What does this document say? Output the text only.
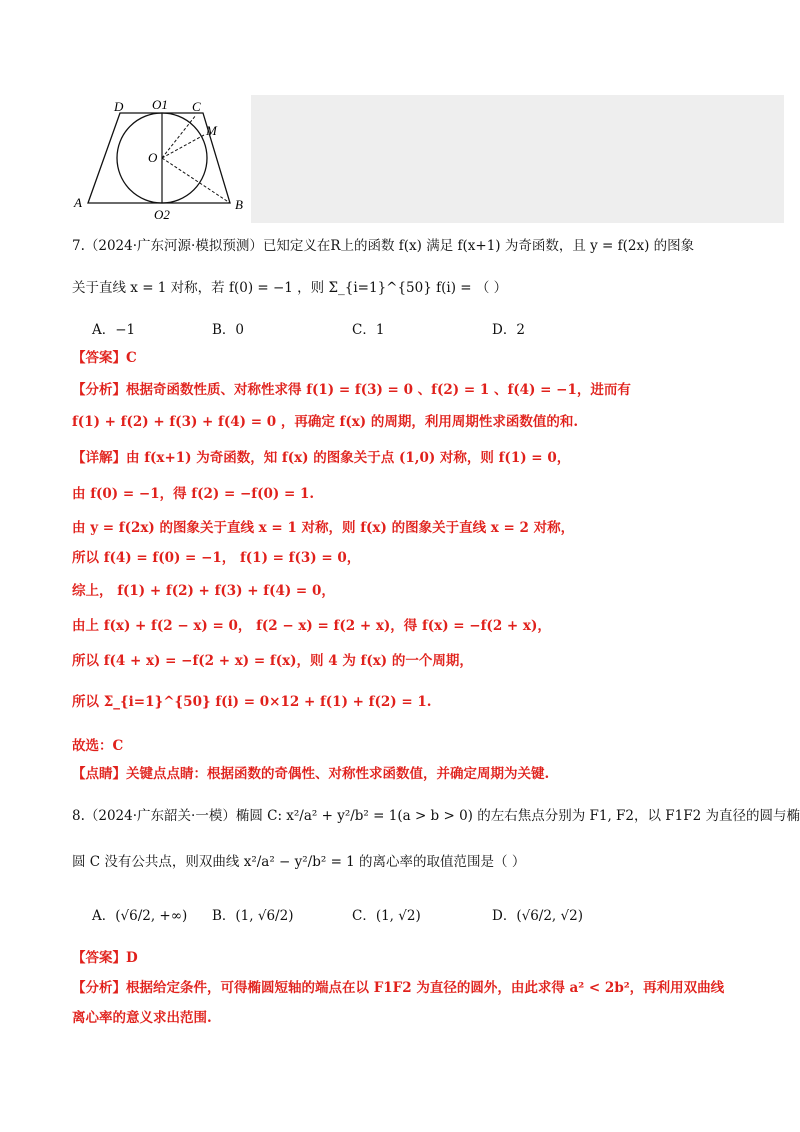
D O1 C
M
O
A
O2
B
7.（2024·广东河源·模拟预测）已知定义在R上的函数 f(x) 满足 f(x+1) 为奇函数，且 y = f(2x) 的图象
关于直线 x = 1 对称，若 f(0) = −1 ，则 Σ_{i=1}^{50} f(i) = （ ）
A．−1	B．0	C．1	D．2
【答案】C
【分析】根据奇函数性质、对称性求得 f(1) = f(3) = 0 、f(2) = 1 、f(4) = −1，进而有
f(1) + f(2) + f(3) + f(4) = 0 ，再确定 f(x) 的周期，利用周期性求函数值的和.
【详解】由 f(x+1) 为奇函数，知 f(x) 的图象关于点 (1,0) 对称，则 f(1) = 0，
由 f(0) = −1，得 f(2) = −f(0) = 1.
由 y = f(2x) 的图象关于直线 x = 1 对称，则 f(x) 的图象关于直线 x = 2 对称，
所以 f(4) = f(0) = −1， f(1) = f(3) = 0，
综上， f(1) + f(2) + f(3) + f(4) = 0，
由上 f(x) + f(2 − x) = 0， f(2 − x) = f(2 + x)，得 f(x) = −f(2 + x)，
所以 f(4 + x) = −f(2 + x) = f(x)，则 4 为 f(x) 的一个周期，
所以 Σ_{i=1}^{50} f(i) = 0×12 + f(1) + f(2) = 1.
故选：C
【点睛】关键点点睛：根据函数的奇偶性、对称性求函数值，并确定周期为关键.
8.（2024·广东韶关·一模）椭圆 C: x²/a² + y²/b² = 1(a > b > 0) 的左右焦点分别为 F1, F2，以 F1F2 为直径的圆与椭
圆 C 没有公共点，则双曲线 x²/a² − y²/b² = 1 的离心率的取值范围是（ ）
A．(√6/2, +∞) B．(1, √6/2)	C．(1, √2)	D．(√6/2, √2)
【答案】D
【分析】根据给定条件，可得椭圆短轴的端点在以 F1F2 为直径的圆外，由此求得 a² < 2b²，再利用双曲线
离心率的意义求出范围.
